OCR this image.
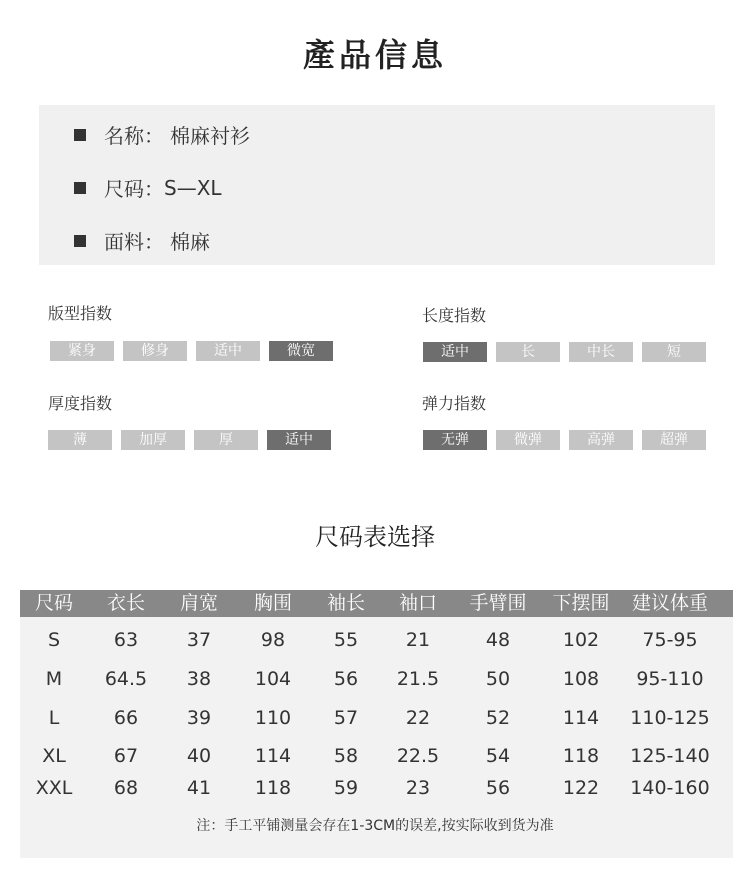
產品信息
名称： 棉麻衬衫
尺码： S—XL
面料： 棉麻
版型指数	长度指数
厚度指数	弹力指数
紧身	修身	适中	微宽	适中	长	中长	短
薄	加厚	厚	适中	无弹	微弹	高弹	超弹
尺码表选择
尺码	衣长	肩宽	胸围	袖长	袖口	手臂围	下摆围	建议体重
S	63	37	98	55	21	48	102	75-95
M	64.5	38	104	56	21.5	50	108	95-110
L	66	39	110	57	22	52	114	110-125
XL	67	40	114	58	22.5	54	118	125-140
XXL	68	41	118	59	23	56	122	140-160
注：手工平铺测量会存在1-3CM的误差,按实际收到货为准
